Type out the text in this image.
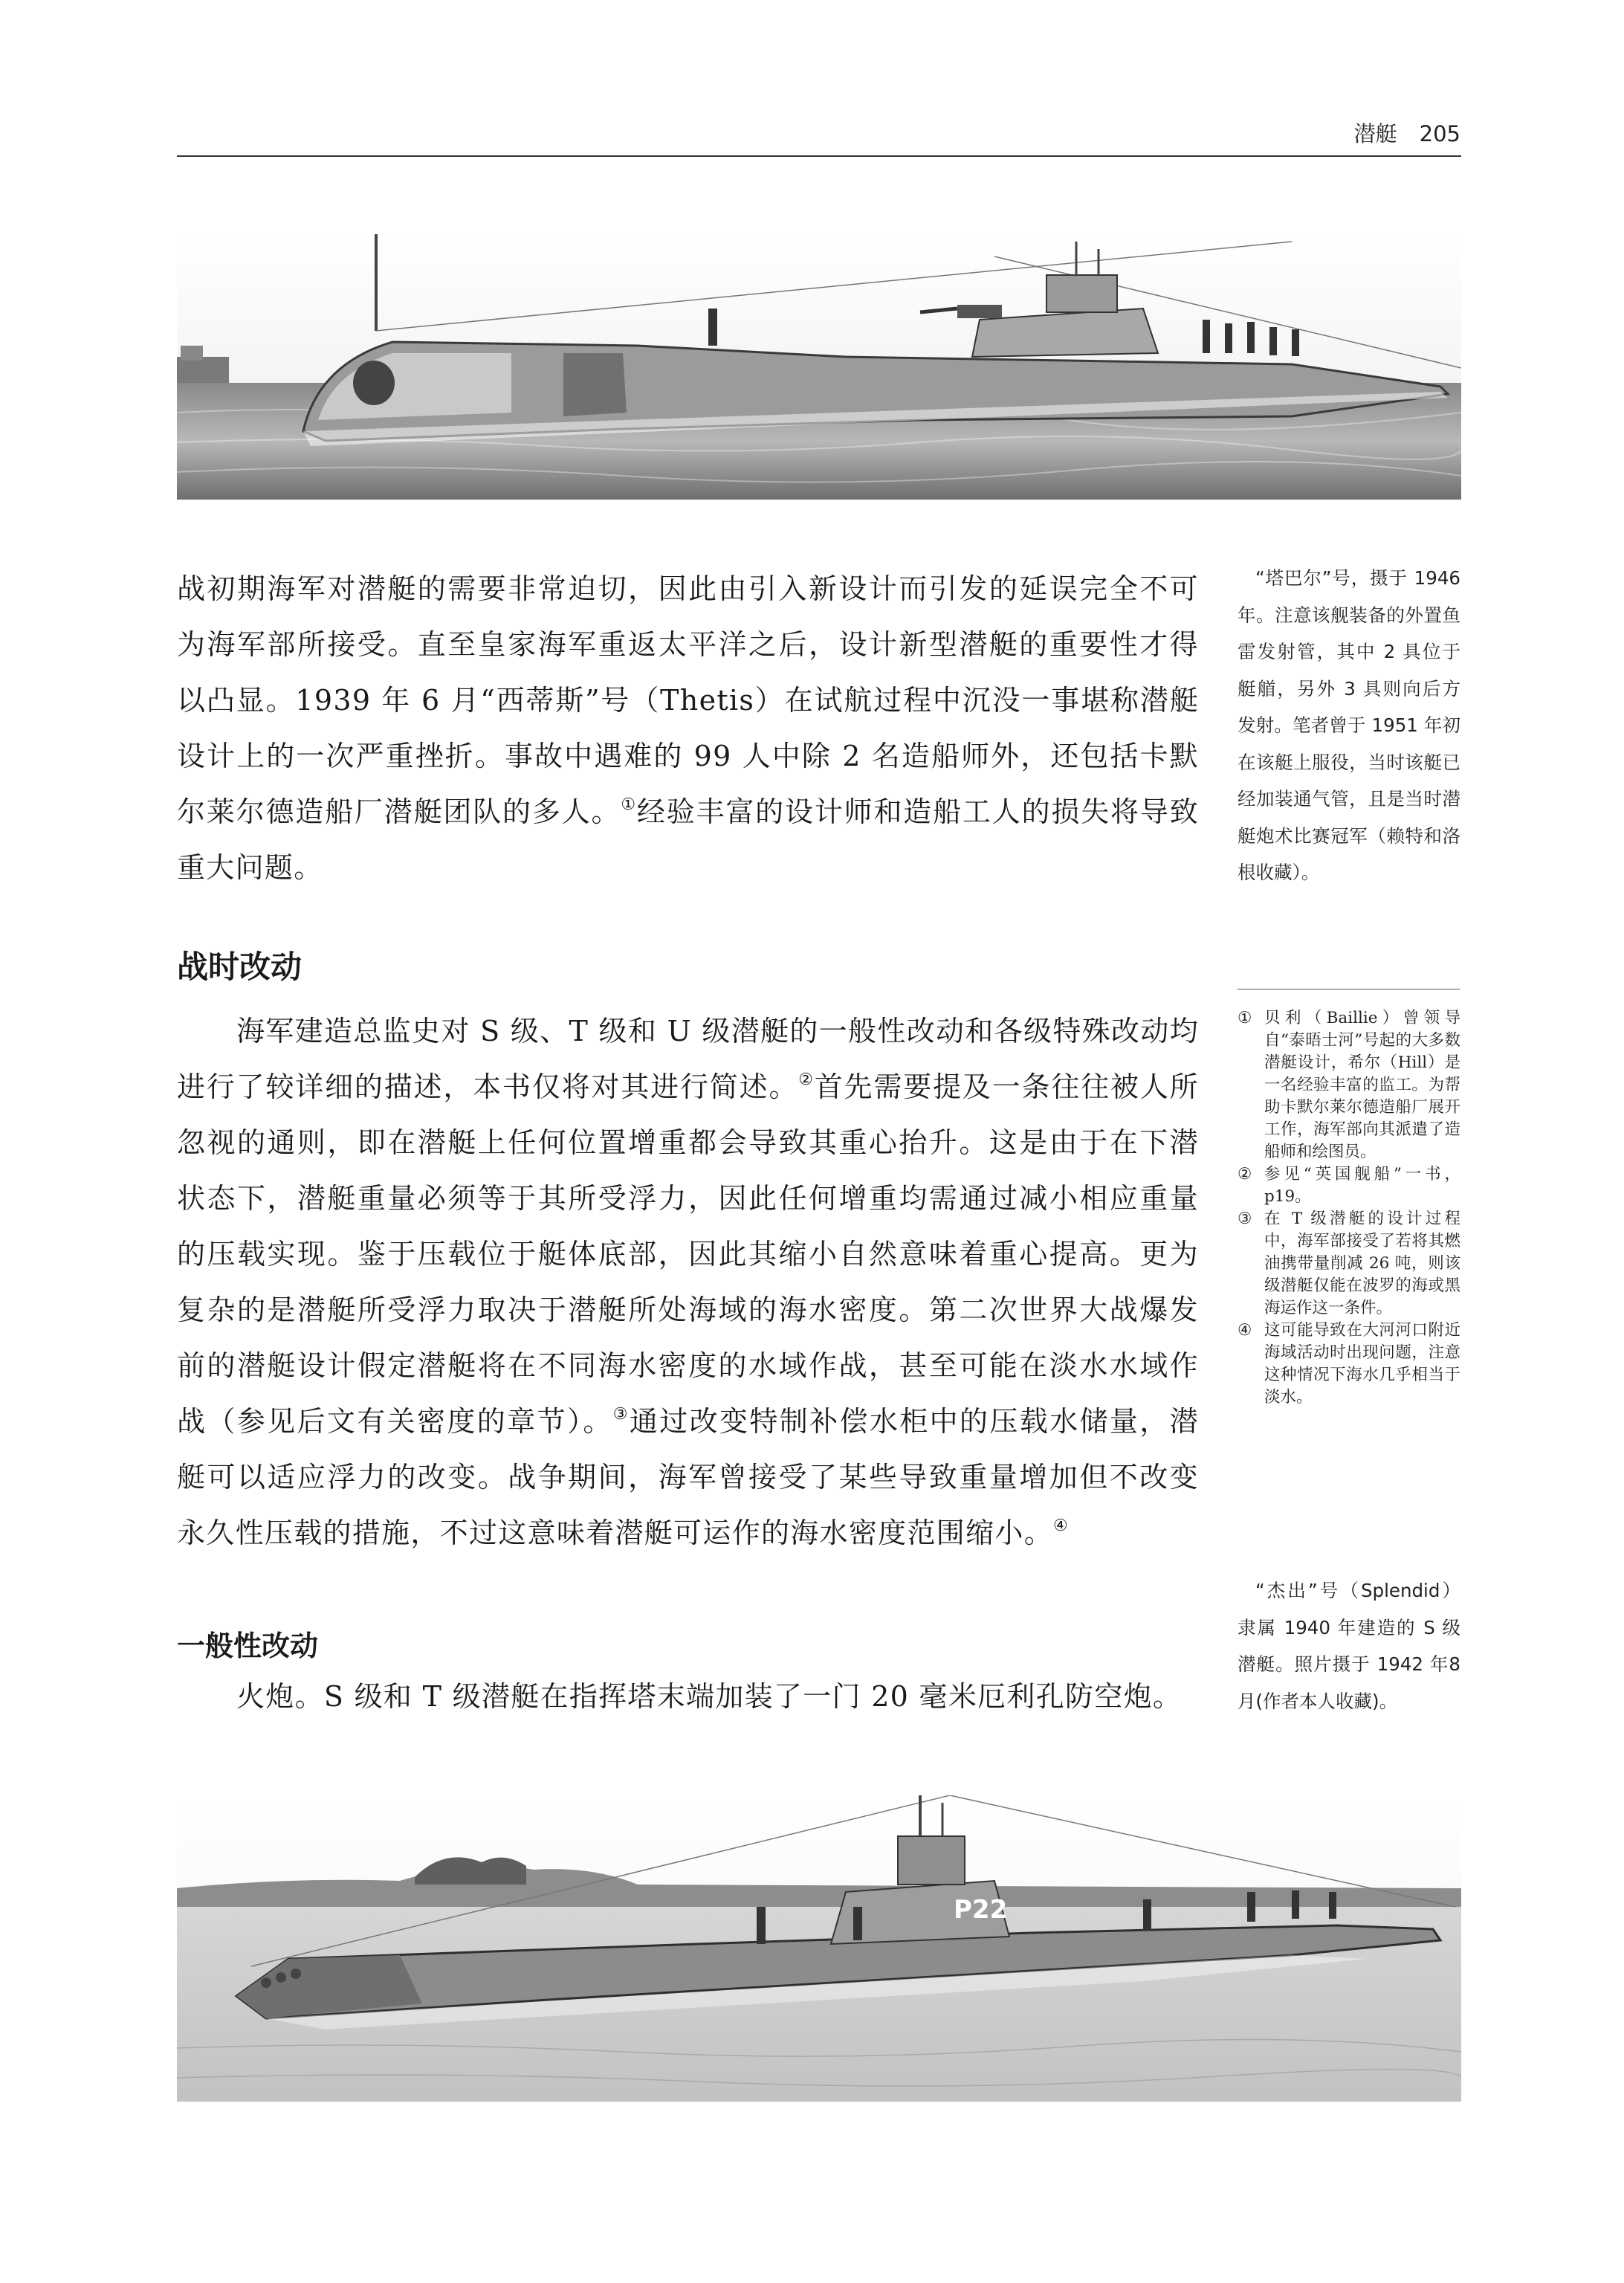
潜艇 205

战初期海军对潜艇的需要非常迫切，因此由引入新设计而引发的延误完全不可为海军部所接受。直至皇家海军重返太平洋之后，设计新型潜艇的重要性才得以凸显。1939 年 6 月“西蒂斯”号（Thetis）在试航过程中沉没一事堪称潜艇设计上的一次严重挫折。事故中遇难的 99 人中除 2 名造船师外，还包括卡默尔莱尔德造船厂潜艇团队的多人。①经验丰富的设计师和造船工人的损失将导致重大问题。

“塔巴尔”号，摄于 1946 年。注意该舰装备的外置鱼雷发射管，其中 2 具位于艇艏，另外 3 具则向后方发射。笔者曾于 1951 年初在该艇上服役，当时该艇已经加装通气管，且是当时潜艇炮术比赛冠军（赖特和洛根收藏）。

战时改动
① 贝利（Baillie）曾领导自“泰晤士河”号起的大多数潜艇设计，希尔（Hill）是一名经验丰富的监工。为帮助卡默尔莱尔德造船厂展开工作，海军部向其派遣了造船师和绘图员。
② 参见“英国舰船”一书，p19。
③ 在 T 级潜艇的设计过程中，海军部接受了若将其燃油携带量削减 26 吨，则该级潜艇仅能在波罗的海或黑海运作这一条件。
④ 这可能导致在大河河口附近海域活动时出现问题，注意这种情况下海水几乎相当于淡水。

海军建造总监史对 S 级、T 级和 U 级潜艇的一般性改动和各级特殊改动均进行了较详细的描述，本书仅将对其进行简述。②首先需要提及一条往往被人所忽视的通则，即在潜艇上任何位置增重都会导致其重心抬升。这是由于在下潜状态下，潜艇重量必须等于其所受浮力，因此任何增重均需通过减小相应重量的压载实现。鉴于压载位于艇体底部，因此其缩小自然意味着重心提高。更为复杂的是潜艇所受浮力取决于潜艇所处海域的海水密度。第二次世界大战爆发前的潜艇设计假定潜艇将在不同海水密度的水域作战，甚至可能在淡水水域作战（参见后文有关密度的章节）。③通过改变特制补偿水柜中的压载水储量，潜艇可以适应浮力的改变。战争期间，海军曾接受了某些导致重量增加但不改变永久性压载的措施，不过这意味着潜艇可运作的海水密度范围缩小。④

“杰出”号（Splendid）隶属 1940 年建造的 S 级潜艇。照片摄于 1942 年8月(作者本人收藏)。

一般性改动

火炮。S 级和 T 级潜艇在指挥塔末端加装了一门 20 毫米厄利孔防空炮。

P22
